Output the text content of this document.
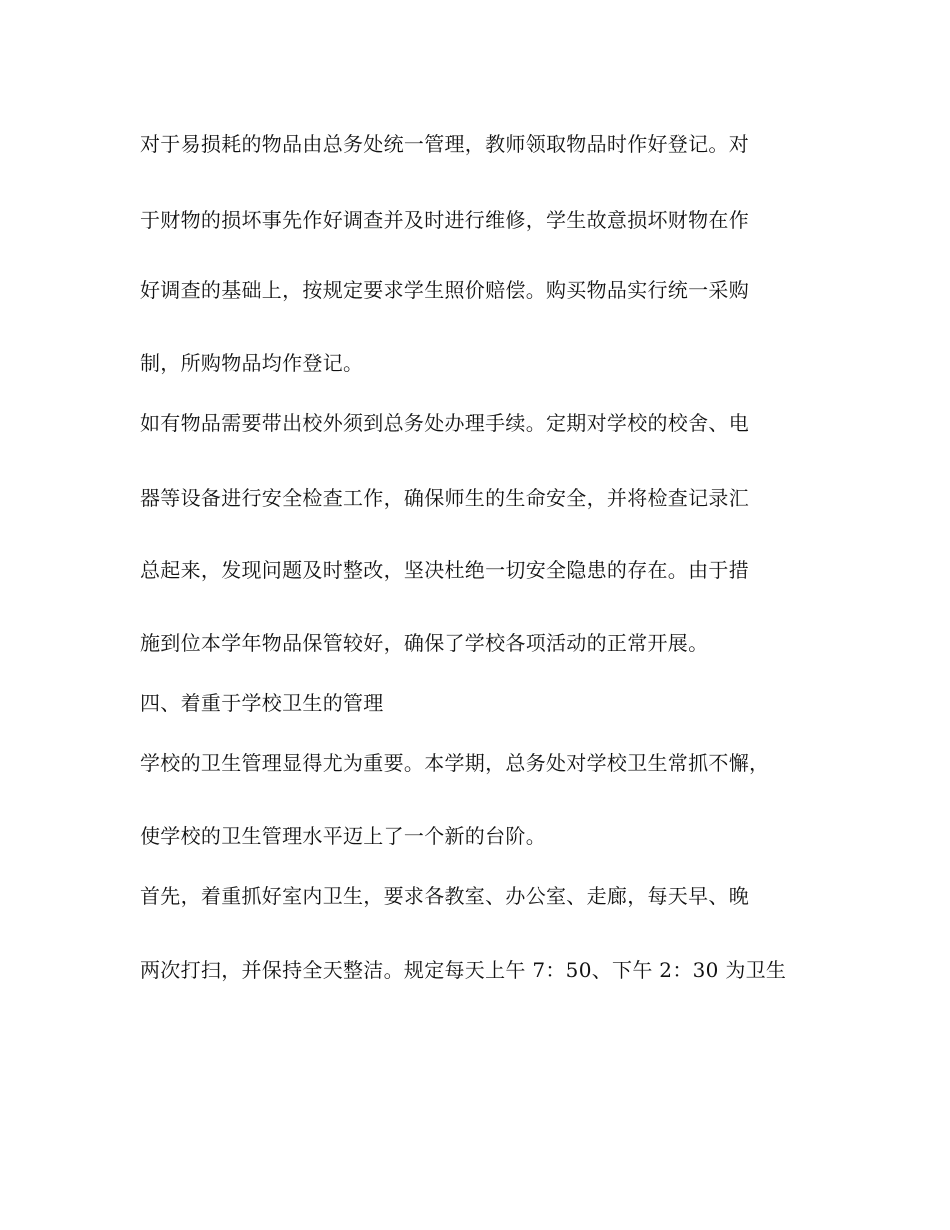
对于易损耗的物品由总务处统一管理，教师领取物品时作好登记。对
于财物的损坏事先作好调查并及时进行维修，学生故意损坏财物在作
好调查的基础上，按规定要求学生照价赔偿。购买物品实行统一采购
制，所购物品均作登记。
如有物品需要带出校外须到总务处办理手续。定期对学校的校舍、电
器等设备进行安全检查工作，确保师生的生命安全，并将检查记录汇
总起来，发现问题及时整改，坚决杜绝一切安全隐患的存在。由于措
施到位本学年物品保管较好，确保了学校各项活动的正常开展。
四、着重于学校卫生的管理
学校的卫生管理显得尤为重要。本学期，总务处对学校卫生常抓不懈，
使学校的卫生管理水平迈上了一个新的台阶。
首先，着重抓好室内卫生，要求各教室、办公室、走廊，每天早、晚
两次打扫，并保持全天整洁。规定每天上午 7：50、下午 2：30 为卫生
